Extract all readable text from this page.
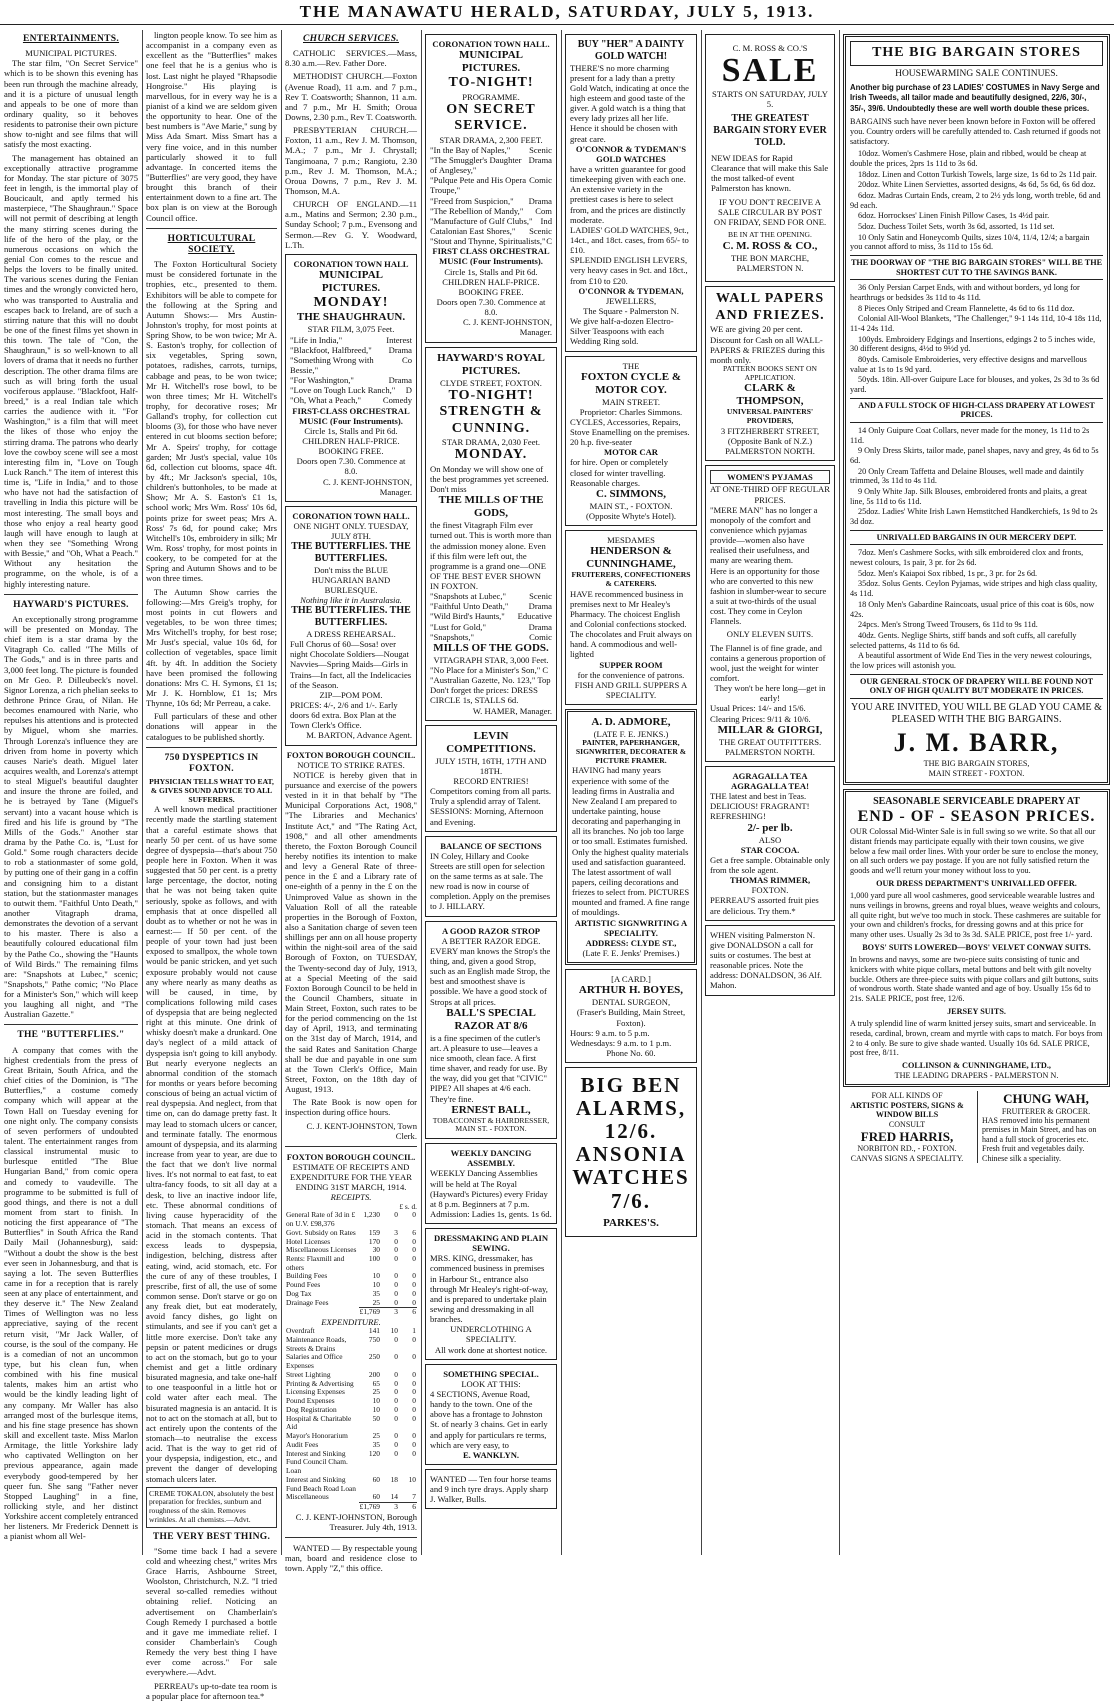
THE MANAWATU HERALD, SATURDAY, JULY 5, 1913.
ENTERTAINMENTS.
MUNICIPAL PICTURES.

The star film, "On Secret Service" which is to be shown this evening has been run through the machine already, and it is a picture of unusual length and appeals to be one of more than ordinary quality, so it behoves residents to patronise their own picture show to-night and see films that will satisfy the most exacting.

The management has obtained an exceptionally attractive programme for Monday. The star picture of 3075 feet in length, is the immortal play of Boucicault, and aptly termed his masterpiece, "The Shaughraun." Space will not permit of describing at length the many stirring scenes during the life of the hero of the play, or the numerous occasions on which the genial Con comes to the rescue and helps the lovers to be finally united. The various scenes during the Fenian times and the wrongly convicted hero, who was transported to Australia and escapes back to Ireland, are of such a stirring nature that this will no doubt be one of the finest films yet shown in this town. The tale of "Con, the Shaughraun," is so well-known to all lovers of drama that it needs no further description. The other drama films are such as will bring forth the usual vociferous applause. "Blackfoot, Half-breed," is a real Indian tale which carries the audience with it. "For Washington," is a film that will meet the likes of those who enjoy the stirring drama. The patrons who dearly love the cowboy scene will see a most interesting film in, "Love on Tough Luck Ranch." The item of interest this time is, "Life in India," and to those who have not had the satisfaction of travelling in India this picture will be most interesting. The small boys and those who enjoy a real hearty good laugh will have enough to laugh at when they see "Something Wrong with Bessie," and "Oh, What a Peach." Without any hesitation the programme, on the whole, is of a highly interesting nature.

HAYWARD'S PICTURES.

An exceptionally strong programme will be presented on Monday. The chief item is a star drama by the Vitagraph Co. called "The Mills of The Gods," and is in three parts and 3,000 feet long. The picture is founded on Mr Geo. P. Dilleubeck's novel. Signor Lorenza, a rich phelian seeks to dethrone Prince Grau, of Nilan. He becomes enamoured with Narie, who repulses his attentions and is protected by Miguel, whom she marries. Through Lorenza's influence they are driven from home in poverty which causes Narie's death. Miguel later acquires wealth, and Lorenza's attempt to steal Miguel's beautiful daughter and insure the throne are foiled, and he is betrayed by Tane (Miguel's servant) into a vacant house which is fired and his life is ground by "The Mills of the Gods." Another star drama by the Pathe Co. is, "Lust for Gold." Some rough characters decide to rob a stationmaster of some gold, by putting one of their gang in a coffin and consigning him to a distant station, but the stationmaster manages to outwit them. "Faithful Unto Death," another Vitagraph drama, demonstrates the devotion of a servant to his master. There is also a beautifully coloured educational film by the Pathe Co., showing the "Haunts of Wild Birds." The remaining films are: "Snapshots at Lubec," scenic; "Snapshots," Pathe comic; "No Place for a Minister's Son," which will keep you laughing all night, and "The Australian Gazette."

THE "BUTTERFLIES."

A company that comes with the highest credentials from the press of Great Britain, South Africa, and the chief cities of the Dominion, is "The Butterflies," a costume comedy company which will appear at the Town Hall on Tuesday evening for one night only. The company consists of seven performers of undoubted talent. The entertainment ranges from classical instrumental music to burlesque entitled "The Blue Hungarian Band," from comic opera and comedy to vaudeville. The programme to be submitted is full of good things, and there is not a dull moment from start to finish. In noticing the first appearance of "The Butterflies" in South Africa the Rand Daily Mail (Johannesburg), said: "Without a doubt the show is the best ever seen in Johannesburg, and that is saying a lot. The seven Butterflies came in for a reception that is rarely seen at any place of entertainment, and they deserve it." The New Zealand Times of Wellington was no less appreciative, saying of the recent return visit, "Mr Jack Waller, of course, is the soul of the company. He is a comedian of not an uncommon type, but his clean fun, when combined with his fine musical talents, makes him an artist who would be the kindly leading light of any company. Mr Waller has also arranged most of the burlesque items, and his fine stage presence has shown skill and excellent taste. Miss Marlon Armitage, the little Yorkshire lady who captivated Wellington on her previous appearance, again made everybody good-tempered by her queer fun. She sang "Father never Stopped Laughing" in a fine, rollicking style, and her distinct Yorkshire accent completely entranced her listeners. Mr Frederick Dennett is a pianist whom all Wel-

lington people know. To see him as accompanist in a company even as excellent as the "Butterflies" makes one feel that he is a genius who is lost. Last night he played "Rhapsodie Hongroise." His playing is marvellous, for in every way he is a pianist of a kind we are seldom given the opportunity to hear. One of the best numbers is "Ave Marie," sung by Miss Ada Smart. Miss Smart has a very fine voice, and in this number particularly showed it to full advantage. In concerted items the "Butterflies" are very good, they have brought this branch of their entertainment down to a fine art. The box plan is on view at the Borough Council office.

HORTICULTURAL SOCIETY.

The Foxton Horticultural Society must be considered fortunate in the trophies, etc., presented to them. Exhibitors will be able to compete for the following at the Spring and Autumn Shows:— Mrs Austin-Johnston's trophy, for most points at Spring Show, to be won twice; Mr A. S. Easton's trophy, for collection of six vegetables, Spring sown, potatoes, radishes, carrots, turnips, cabbage and peas, to be won twice; Mr H. Witchell's rose bowl, to be won three times; Mr H. Witchell's trophy, for decorative roses; Mr Galland's trophy, for collection cut blooms (3), for those who have never entered in cut blooms section before; Mr A. Speirs' trophy, for cottage garden; Mr Just's special, value 10s 6d, collection cut blooms, space 4ft. by 4ft.; Mr Jackson's special, 10s, children's buttonholes, to be made at Show; Mr A. S. Easton's £1 1s, school work; Mrs Wm. Ross' 10s 6d, points prize for sweet peas; Mrs A. Ross' 7s 6d, for pound cake; Mrs Witchell's 10s, embroidery in silk; Mr Wm. Ross' trophy, for most points in cookery, to be competed for at the Spring and Autumn Shows and to be won three times.

The Autumn Show carries the following:—Mrs Greig's trophy, for most points in cut flowers and vegetables, to be won three times; Mrs Witchell's trophy, for best rose; Mr Just's special, value 10s 6d, for collection of vegetables, space limit 4ft. by 4ft. In addition the Society have been promised the following donations: Mrs C. H. Symons, £1 1s; Mr J. K. Hornblow, £1 1s; Mrs Thynne, 10s 6d; Mr Perreau, a cake.

Full particulars of these and other donations will appear in the catalogues to be published shortly.

750 DYSPEPTICS IN FOXTON.
PHYSICIAN TELLS WHAT TO EAT, & GIVES SOUND ADVICE TO ALL SUFFERERS.

A well known medical practitioner recently made the startling statement that a careful estimate shows that nearly 50 per cent. of us have some degree of dyspepsia—that's about 750 people here in Foxton. When it was suggested that 50 per cent. is a pretty large percentage, the doctor, noting that he was not being taken quite seriously, spoke as follows, and with emphasis that at once dispelled all doubt as to whether or not he was in earnest:— If 50 per cent. of the people of your town had just been exposed to smallpox, the whole town would be panic stricken, and yet such exposure probably would not cause any where nearly as many deaths as will be caused, in time, by complications following mild cases of dyspepsia that are being neglected right at this minute. One drink of whisky doesn't make a drunkard. One day's neglect of a mild attack of dyspepsia isn't going to kill anybody. But nearly everyone neglects an abnormal condition of the stomach for months or years before becoming conscious of being an actual victim of real dyspepsia. And neglect, from that time on, can do damage pretty fast. It may lead to stomach ulcers or cancer, and terminate fatally. The enormous amount of dyspepsia, and its alarming increase from year to year, are due to the fact that we don't live normal lives. It's not normal to eat fast, to eat ultra-fancy foods, to sit all day at a desk, to live an inactive indoor life, etc. These abnormal conditions of living cause hyperacidity of the stomach. That means an excess of acid in the stomach contents. That excess leads to dyspepsia, indigestion, belching, distress after eating, wind, acid stomach, etc. For the cure of any of these troubles, I prescribe, first of all, the use of some common sense. Don't starve or go on any freak diet, but eat moderately, avoid fancy dishes, go light on stimulants, and see if you can't get a little more exercise. Don't take any pepsin or patent medicines or drugs to act on the stomach, but go to your chemist and get a little ordinary bisurated magnesia, and take one-half to one teaspoonful in a little hot or cold water after each meal. The bisurated magnesia is an antacid. It is not to act on the stomach at all, but to act entirely upon the contents of the stomach—to neutralise the excess acid. That is the way to get rid of your dyspepsia, indigestion, etc., and prevent the danger of developing stomach ulcers later.

CREME TOKALON, absolutely the best preparation for freckles, sunburn and roughness of the skin. Removes wrinkles. At all chemists.—Advt.
THE VERY BEST THING.

"Some time back I had a severe cold and wheezing chest," writes Mrs Grace Harris, Ashbourne Street, Woolston, Christchurch, N.Z. "I tried several so-called remedies without obtaining relief. Noticing an advertisement on Chamberlain's Cough Remedy I purchased a bottle and it gave me immediate relief. I consider Chamberlain's Cough Remedy the very best thing I have ever come across." For sale everywhere.—Advt.

PERREAU's up-to-date tea room is a popular place for afternoon tea.*

CHURCH SERVICES.

CATHOLIC SERVICES.—Mass, 8.30 a.m.—Rev. Father Dore.

METHODIST CHURCH.—Foxton (Avenue Road), 11 a.m. and 7 p.m., Rev T. Coatsworth; Shannon, 11 a.m. and 7 p.m., Mr H. Smith; Oroua Downs, 2.30 p.m., Rev T. Coatsworth.

PRESBYTERIAN CHURCH.—Foxton, 11 a.m., Rev J. M. Thomson, M.A.; 7 p.m., Mr J. Chrystall; Tangimoana, 7 p.m.; Rangiotu, 2.30 p.m., Rev J. M. Thomson, M.A.; Oroua Downs, 7 p.m., Rev J. M. Thomson, M.A.

CHURCH OF ENGLAND.—11 a.m., Matins and Sermon; 2.30 p.m., Sunday School; 7 p.m., Evensong and Sermon.—Rev G. Y. Woodward, L.Th.

CORONATION TOWN HALL
MUNICIPAL PICTURES.
MONDAY!
THE SHAUGHRAUN.
STAR FILM, 3,075 Feet.
"Life in India,"	Interest
"Blackfoot, Halfbreed," Drama
"Something Wrong with Bessie,"
Co
"For Washington,"	Drama
"Love on Tough Luck Ranch," D
"Oh, What a Peach,"	Comedy
FIRST-CLASS ORCHESTRAL MUSIC (Four Instruments).
Circle 1s, Stalls and Pit 6d. CHILDREN HALF-PRICE. BOOKING FREE.
Doors open 7.30. Commence at 8.0.
C. J. KENT-JOHNSTON, Manager.
CORONATION TOWN HALL.
ONE NIGHT ONLY. TUESDAY, JULY 8TH.
THE BUTTERFLIES. THE BUTTERFLIES.
Don't miss the BLUE HUNGARIAN BAND BURLESQUE.
Nothing like it in Australasia.
THE BUTTERFLIES. THE BUTTERFLIES.
A DRESS REHEARSAL.
Full Chorus of 60—Sosa! over night Chocolate Soldiers—Nougat Navvies—Spring Maids—Girls in Trains—In fact, all the Indelicacies of the Season.
ZIP—POM POM.
PRICES: 4/-, 2/6 and 1/-. Early doors 6d extra. Box Plan at the Town Clerk's Office.
M. BARTON, Advance Agent.
FOXTON BOROUGH COUNCIL.
NOTICE TO STRIKE RATES.

NOTICE is hereby given that in pursuance and exercise of the powers vested in it in that behalf by "The Municipal Corporations Act, 1908," "The Libraries and Mechanics' Institute Act," and "The Rating Act, 1908," and all other amendments thereto, the Foxton Borough Council hereby notifies its intention to make and levy a General Rate of three-pence in the £ and a Library rate of one-eighth of a penny in the £ on the Unimproved Value as shown in the Valuation Roll of all the rateable properties in the Borough of Foxton, also a Sanitation charge of seven teen shillings per ann on all house property within the night-soil area of the said Borough of Foxton, on TUESDAY, the Twenty-second day of July, 1913, at a Special Meeting of the said Foxton Borough Council to be held in the Council Chambers, situate in Main Street, Foxton, such rates to be for the period commencing on the 1st day of April, 1913, and terminating on the 31st day of March, 1914, and the said Rates and Sanitation Charge shall be due and payable in one sum at the Town Clerk's Office, Main Street, Foxton, on the 18th day of August, 1913.

The Rate Book is now open for inspection during office hours.

C. J. KENT-JOHNSTON, Town Clerk.
FOXTON BOROUGH COUNCIL.
ESTIMATE OF RECEIPTS AND EXPENDITURE FOR THE YEAR ENDING 31ST MARCH, 1914.
RECEIPTS.
£ s. d.
General Rate of 3d in £ on U.V. £98,376	1,230	0	0
Govt. Subsidy on Rates	159	3	6
Hotel Licenses	170	0	0
Miscellaneous Licenses	30	0	0
Rents: Flaxmill and others	100	0	0
Building Fees	10	0	0
Pound Fees	10	0	0
Dog Tax	35	0	0
Drainage Fees	25	0	0
	£1,769	3	6
EXPENDITURE.
Overdraft	141	10	1
Maintenance Roads, Streets & Drains	750	0	0
Salaries and Office Expenses	250	0	0
Street Lighting	200	0	0
Printing & Advertising	65	0	0
Licensing Expenses	25	0	0
Pound Expenses	10	0	0
Dog Registration	10	0	0
Hospital & Charitable Aid	50	0	0
Mayor's Honorarium	25	0	0
Audit Fees	35	0	0
Interest and Sinking Fund Council Cham. Loan	120	0	0
Interest and Sinking Fund Beach Road Loan	60	18	10
Miscellaneous	60	14	7
	£1,769	3	6
C. J. KENT-JOHNSTON, Borough Treasurer. July 4th, 1913.

WANTED — By respectable young man, board and residence close to town. Apply "Z," this office.

CORONATION TOWN HALL.
MUNICIPAL PICTURES.
TO-NIGHT!
PROGRAMME.
ON SECRET SERVICE.
STAR DRAMA, 2,300 FEET.
"In the Bay of Naples," Scenic
"The Smuggler's Daughter of Anglesey,"
Drama
"Pulque Pete and His Opera Troupe,"
Comic
"Freed from Suspicion," Drama
"The Rebellion of Mandy," Com
"Manufacture of Gulf Clubs," Ind
Catalonian East Shores," Scenic
"Stout and Thynne, Spiritualists," C
FIRST CLASS ORCHESTRAL MUSIC (Four Instruments).
Circle 1s, Stalls and Pit 6d. CHILDREN HALF-PRICE. BOOKING FREE.
Doors open 7.30. Commence at 8.0.
C. J. KENT-JOHNSTON, Manager.
HAYWARD'S ROYAL PICTURES.
CLYDE STREET, FOXTON.
TO-NIGHT! STRENGTH & CUNNING.
STAR DRAMA, 2,030 Feet.
MONDAY.
On Monday we will show one of the best programmes yet screened. Don't miss
THE MILLS OF THE GODS,
the finest Vitagraph Film ever turned out. This is worth more than the admission money alone. Even if this film were left out, the programme is a grand one—ONE OF THE BEST EVER SHOWN IN FOXTON.
"Snapshots at Lubec,"	Scenic
"Faithful Unto Death," Drama
"Wild Bird's Haunts," Educative
"Lust for Gold,"	Drama
"Snapshots,"	Comic
MILLS OF THE GODS.
VITAGRAPH STAR, 3,000 Feet.
"No Place for a Minister's Son," C "Australian Gazette, No. 123," Top
Don't forget the prices: DRESS CIRCLE 1s, STALLS 6d.
W. HAMER, Manager.
LEVIN COMPETITIONS.
JULY 15TH, 16TH, 17TH AND 18TH.
RECORD ENTRIES!
Competitors coming from all parts. Truly a splendid array of Talent.
SESSIONS: Morning, Afternoon and Evening.
BALANCE OF SECTIONS
IN Coley, Hillary and Cooke Streets are still open for selection on the same terms as at sale. The new road is now in course of completion. Apply on the premises to J. HILLARY.
A GOOD RAZOR STROP
A BETTER RAZOR EDGE.
EVERY man knows the Strop's the thing, and, given a good Strop, such as an English made Strop, the best and smoothest shave is possible. We have a good stock of Strops at all prices.
BALL'S SPECIAL RAZOR AT 8/6
is a fine specimen of the cutler's art. A pleasure to use—leaves a nice smooth, clean face. A first time shaver, and ready for use. By the way, did you get that "CIVIC" PIPE? All shapes at 4/6 each. They're fine.
ERNEST BALL,
TOBACCONIST & HAIRDRESSER, MAIN ST. - FOXTON.
WEEKLY DANCING ASSEMBLY.
WEEKLY Dancing Assemblies will be held at The Royal (Hayward's Pictures) every Friday at 8 p.m. Beginners at 7 p.m. Admission: Ladies 1s, gents. 1s 6d.
DRESSMAKING AND PLAIN SEWING.
MRS. KING, dressmaker, has commenced business in premises in Harbour St., entrance also through Mr Healey's right-of-way, and is prepared to undertake plain sewing and dressmaking in all branches.
UNDERCLOTHING A SPECIALITY.
All work done at shortest notice.
SOMETHING SPECIAL.
LOOK AT THIS:
4 SECTIONS, Avenue Road, handy to the town. One of the above has a frontage to Johnston St. of nearly 3 chains. Get in early and apply for particulars re terms, which are very easy, to
E. WANKLYN.
WANTED — Ten four horse teams and 9 inch tyre drays. Apply sharp J. Walker, Bulls.
BUY "HER" A DAINTY GOLD WATCH!
THERE'S no more charming present for a lady than a pretty Gold Watch, indicating at once the high esteem and good taste of the giver. A gold watch is a thing that every lady prizes all her life. Hence it should be chosen with great care.
O'CONNOR & TYDEMAN'S GOLD WATCHES
have a written guarantee for good timekeeping given with each one. An extensive variety in the prettiest cases is here to select from, and the prices are distinctly moderate.
LADIES' GOLD WATCHES, 9ct., 14ct., and 18ct. cases, from 65/- to £10.
SPLENDID ENGLISH LEVERS, very heavy cases in 9ct. and 18ct., from £10 to £20.
O'CONNOR & TYDEMAN,
JEWELLERS,
The Square - Palmerston N.
We give half-a-dozen Electro-Silver Teaspoons with each Wedding Ring sold.
THE
FOXTON CYCLE & MOTOR COY.
MAIN STREET.
Proprietor: Charles Simmons.
CYCLES, Accessories, Repairs, Stove Enamelling on the premises. 20 h.p. five-seater
MOTOR CAR
for hire. Open or completely closed for winter travelling. Reasonable charges.
C. SIMMONS,
MAIN ST., - FOXTON.
(Opposite Whyte's Hotel).
MESDAMES
HENDERSON & CUNNINGHAME,
FRUITERERS, CONFECTIONERS & CATERERS.
HAVE recommenced business in premises next to Mr Healey's Pharmacy. The choicest English and Colonial confections stocked. The chocolates and Fruit always on hand. A commodious and well-lighted
SUPPER ROOM
for the convenience of patrons.
FISH AND GRILL SUPPERS A SPECIALITY.
A. D. ADMORE,
(LATE F. E. JENKS.)
PAINTER, PAPERHANGER, SIGNWRITER, DECORATER & PICTURE FRAMER.
HAVING had many years experience with some of the leading firms in Australia and New Zealand I am prepared to undertake painting, house decorating and paperhanging in all its branches. No job too large or too small. Estimates furnished. Only the highest quality materials used and satisfaction guaranteed. The latest assortment of wall papers, ceiling decorations and friezes to select from. PICTURES mounted and framed. A fine range of mouldings.
ARTISTIC SIGNWRITING A SPECIALITY.
ADDRESS: CLYDE ST.,
(Late F. E. Jenks' Premises.)
[A CARD.]
ARTHUR H. BOYES,
DENTAL SURGEON,
(Fraser's Building, Main Street, Foxton).
Hours: 9 a.m. to 5 p.m. Wednesdays: 9 a.m. to 1 p.m.
Phone No. 60.
BIG BEN ALARMS,
12/6.
ANSONIA WATCHES
7/6.
PARKES'S.
C. M. ROSS & CO.'S
SALE
STARTS ON SATURDAY, JULY 5.
THE GREATEST BARGAIN STORY EVER TOLD.
NEW IDEAS for Rapid Clearance that will make this Sale the most talked-of event Palmerston has known.
IF YOU DON'T RECEIVE A SALE CIRCULAR BY POST ON FRIDAY, SEND FOR ONE.
BE IN AT THE OPENING.
C. M. ROSS & CO.,
THE BON MARCHE,
PALMERSTON N.
WALL PAPERS AND FRIEZES.
WE are giving 20 per cent. Discount for Cash on all WALL-PAPERS & FRIEZES during this month only.
PATTERN BOOKS SENT ON APPLICATION.
CLARK & THOMPSON,
UNIVERSAL PAINTERS' PROVIDERS,
3 FITZHERBERT STREET,
(Opposite Bank of N.Z.)
PALMERSTON NORTH.
WOMEN'S PYJAMAS
AT ONE-THIRD OFF REGULAR PRICES.
"MERE MAN" has no longer a monopoly of the comfort and convenience which pyjamas provide—women also have realised their usefulness, and many are wearing them.
Here is an opportunity for those who are converted to this new fashion in slumber-wear to secure a suit at two-thirds of the usual cost. They come in Ceylon Flannels.
ONLY ELEVEN SUITS.
The Flannel is of fine grade, and contains a generous proportion of wool, just the weight for winter comfort.
They won't be here long—get in early!
Usual Prices: 14/- and 15/6. Clearing Prices: 9/11 & 10/6.
MILLAR & GIORGI,
THE GREAT OUTFITTERS.
PALMERSTON NORTH.
AGRAGALLA TEA
AGRAGALLA TEA!
THE latest and best in Teas. DELICIOUS! FRAGRANT! REFRESHING!
2/- per lb.
ALSO
STAR COCOA.
Get a free sample. Obtainable only from the sole agent.
THOMAS RIMMER,
FOXTON.
PERREAU'S assorted fruit pies are delicious. Try them.*
WHEN visiting Palmerston N. give DONALDSON a call for suits or costumes. The best at reasonable prices. Note the address: DONALDSON, 36 Alf. Mahon.
THE BIG BARGAIN STORES
HOUSEWARMING SALE CONTINUES.
Another big purchase of 23 LADIES' COSTUMES in Navy Serge and Irish Tweeds, all tailor made and beautifully designed, 22/6, 30/-, 35/-, 39/6. Undoubtedly these are well worth double these prices.
BARGAINS such have never been known before in Foxton will be offered you. Country orders will be carefully attended to. Cash returned if goods not satisfactory.
10doz. Women's Cashmere Hose, plain and ribbed, would be cheap at double the prices, 2prs 1s 11d to 3s 6d.
18doz. Linen and Cotton Turkish Towels, large size, 1s 6d to 2s 11d pair.
20doz. White Linen Serviettes, assorted designs, 4s 6d, 5s 6d, 6s 6d doz.
6doz. Madras Curtain Ends, cream, 2 to 2½ yds long, worth treble, 6d and 9d each.
6doz. Horrockses' Linen Finish Pillow Cases, 1s 4½d pair.
5doz. Duchess Toilet Sets, worth 3s 6d, assorted, 1s 11d set.
10 Only Satin and Honeycomb Quilts, sizes 10/4, 11/4, 12/4; a bargain you cannot afford to miss, 3s 11d to 15s 6d.
THE DOORWAY OF "THE BIG BARGAIN STORES" WILL BE THE SHORTEST CUT TO THE SAVINGS BANK.
36 Only Persian Carpet Ends, with and without borders, yd long for hearthrugs or bedsides 3s 11d to 4s 11d.
8 Pieces Only Striped and Cream Flannelette, 4s 6d to 6s 11d doz.
Colonial All-Wool Blankets, "The Challenger," 9-1 14s 11d, 10-4 18s 11d, 11-4 24s 11d.
100yds. Embroidery Edgings and Insertions, edgings 2 to 5 inches wide, 30 different designs, 4½d to 9½d yd.
80yds. Camisole Embroideries, very effective designs and marvellous value at 1s to 1s 9d yard.
50yds. 18in. All-over Guipure Lace for blouses, and yokes, 2s 3d to 3s 6d yard.
AND A FULL STOCK OF HIGH-CLASS DRAPERY AT LOWEST PRICES.
14 Only Guipure Coat Collars, never made for the money, 1s 11d to 2s 11d.
9 Only Dress Skirts, tailor made, panel shapes, navy and grey, 4s 6d to 5s 6d.
20 Only Cream Taffetta and Delaine Blouses, well made and daintily trimmed, 3s 11d to 4s 11d.
9 Only White Jap. Silk Blouses, embroidered fronts and plaits, a great line, 5s 11d to 6s 11d.
25doz. Ladies' White Irish Lawn Hemstitched Handkerchiefs, 1s 9d to 2s 3d doz.
UNRIVALLED BARGAINS IN OUR MERCERY DEPT.
7doz. Men's Cashmere Socks, with silk embroidered clox and fronts, newest colours, 1s pair, 3 pr. for 2s 6d.
5doz. Men's Kaiapoi Sox ribbed, 1s pr., 3 pr. for 2s 6d.
35doz. Solus Gents. Ceylon Pyjamas, wide stripes and high class quality, 4s 11d.
18 Only Men's Gabardine Raincoats, usual price of this coat is 60s, now 42s.
24pcs. Men's Strong Tweed Trousers, 6s 11d to 9s 11d.
40dz. Gents. Neglige Shirts, stiff bands and soft cuffs, all carefully selected patterns, 4s 11d to 6s 6d.
A beautiful assortment of Wide End Ties in the very newest colourings, the low prices will astonish you.
OUR GENERAL STOCK OF DRAPERY WILL BE FOUND NOT ONLY OF HIGH QUALITY BUT MODERATE IN PRICES.
YOU ARE INVITED, YOU WILL BE GLAD YOU CAME & PLEASED WITH THE BIG BARGAINS.
J. M. BARR,
THE BIG BARGAIN STORES,
MAIN STREET - FOXTON.
SEASONABLE SERVICEABLE DRAPERY AT
END - OF - SEASON PRICES.
OUR Colossal Mid-Winter Sale is in full swing so we write. So that all our distant friends may participate equally with their town cousins, we give below a few mail order lines. With your order be sure to enclose the money, on all such orders we pay postage. If you are not fully satisfied return the goods and we'll return your money without loss to you.
OUR DRESS DEPARTMENT'S UNRIVALLED OFFER.
1,000 yard pure all wool cashmeres, good serviceable wearable lustres and nuns veilings in browns, greens and royal blues, weave weights and colours, all quite right, but we've too much in stock. These cashmeres are suitable for your own and children's frocks, for dressing gowns and at this price for many other uses. Usually 2s 3d to 3s 3d. SALE PRICE, post free 1/- yard.
BOYS' SUITS LOWERED—BOYS' VELVET CONWAY SUITS.
In browns and navys, some are two-piece suits consisting of tunic and knickers with white pique collars, metal buttons and belt with gilt novelty buckle. Others are three-piece suits with pique collars and gilt buttons, suits of wondrous worth. State shade wanted and age of boy. Usually 15s 6d to 21s. SALE PRICE, post free, 12/6.
JERSEY SUITS.
A truly splendid line of warm knitted jersey suits, smart and serviceable. In reseda, cardinal, brown, cream and myrtle with caps to match. For boys from 2 to 4 only. Be sure to give shade wanted. Usually 10s 6d. SALE PRICE, post free, 8/11.
COLLINSON & CUNNINGHAME, LTD.,
THE LEADING DRAPERS - PALMERSTON N.
FOR ALL KINDS OF
ARTISTIC POSTERS, SIGNS & WINDOW BILLS
CONSULT
FRED HARRIS,
NORBITON RD., - FOXTON.
CANVAS SIGNS A SPECIALITY.
CHUNG WAH,
FRUITERER & GROCER.
HAS removed into his permanent premises in Main Street, and has on hand a full stock of groceries etc.
Fresh fruit and vegetables daily. Chinese silk a speciality.
